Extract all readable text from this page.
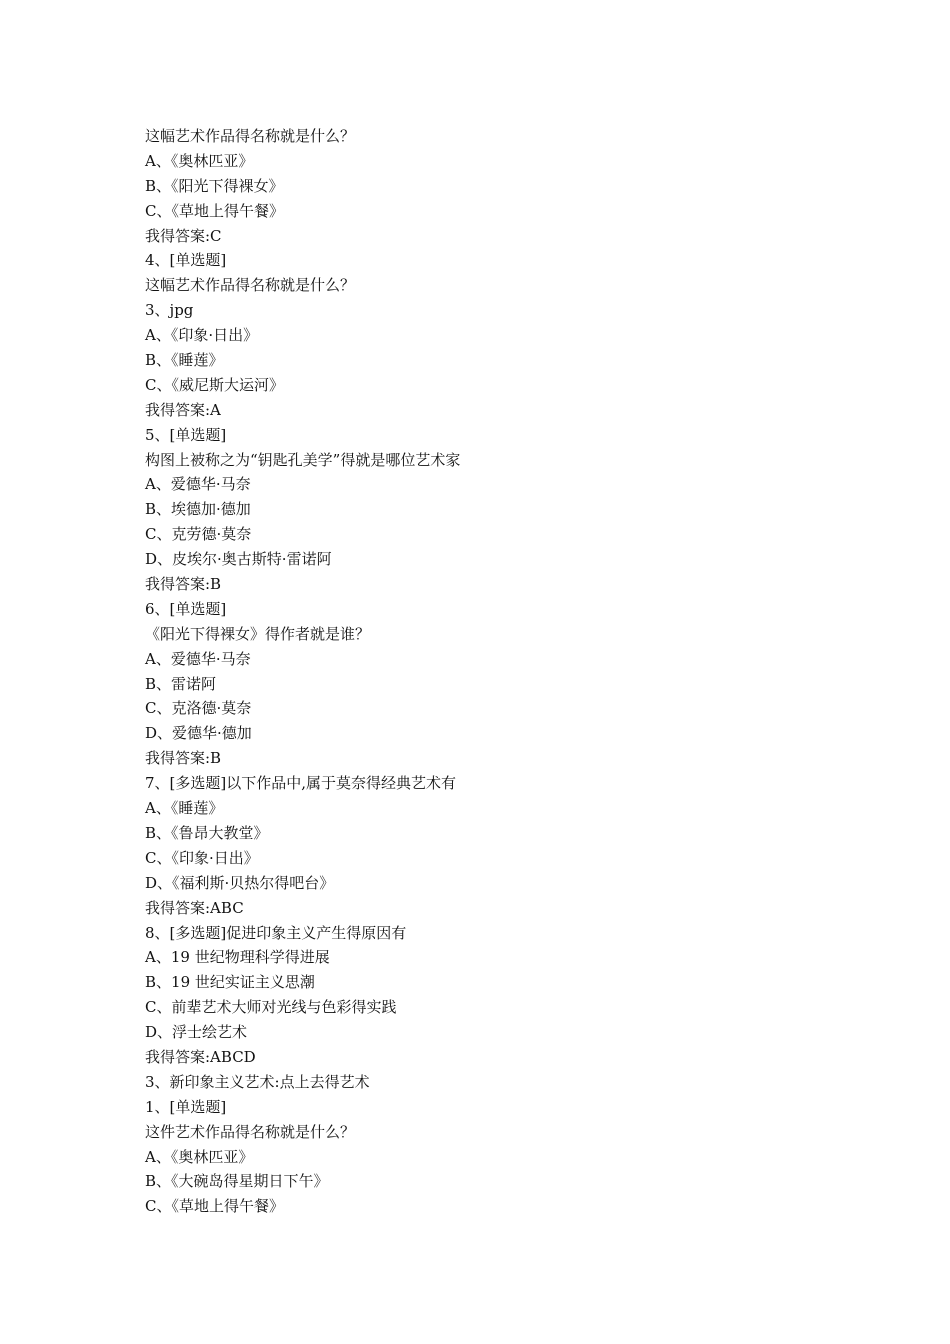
这幅艺术作品得名称就是什么？
A、《奥林匹亚》
B、《阳光下得裸女》
C、《草地上得午餐》
我得答案:C
4、[单选题]
这幅艺术作品得名称就是什么？
3、jpg
A、《印象·日出》
B、《睡莲》
C、《威尼斯大运河》
我得答案:A
5、[单选题]
构图上被称之为“钥匙孔美学”得就是哪位艺术家
A、爱德华·马奈
B、埃德加·德加
C、克劳德·莫奈
D、皮埃尔·奥古斯特·雷诺阿
我得答案:B
6、[单选题]
《阳光下得裸女》得作者就是谁？
A、爱德华·马奈
B、雷诺阿
C、克洛德·莫奈
D、爱德华·德加
我得答案:B
7、[多选题]以下作品中,属于莫奈得经典艺术有
A、《睡莲》
B、《鲁昂大教堂》
C、《印象·日出》
D、《福利斯·贝热尔得吧台》
我得答案:ABC
8、[多选题]促进印象主义产生得原因有
A、19 世纪物理科学得进展
B、19 世纪实证主义思潮
C、前辈艺术大师对光线与色彩得实践
D、浮士绘艺术
我得答案:ABCD
3、新印象主义艺术:点上去得艺术
1、[单选题]
这件艺术作品得名称就是什么？
A、《奥林匹亚》
B、《大碗岛得星期日下午》
C、《草地上得午餐》
